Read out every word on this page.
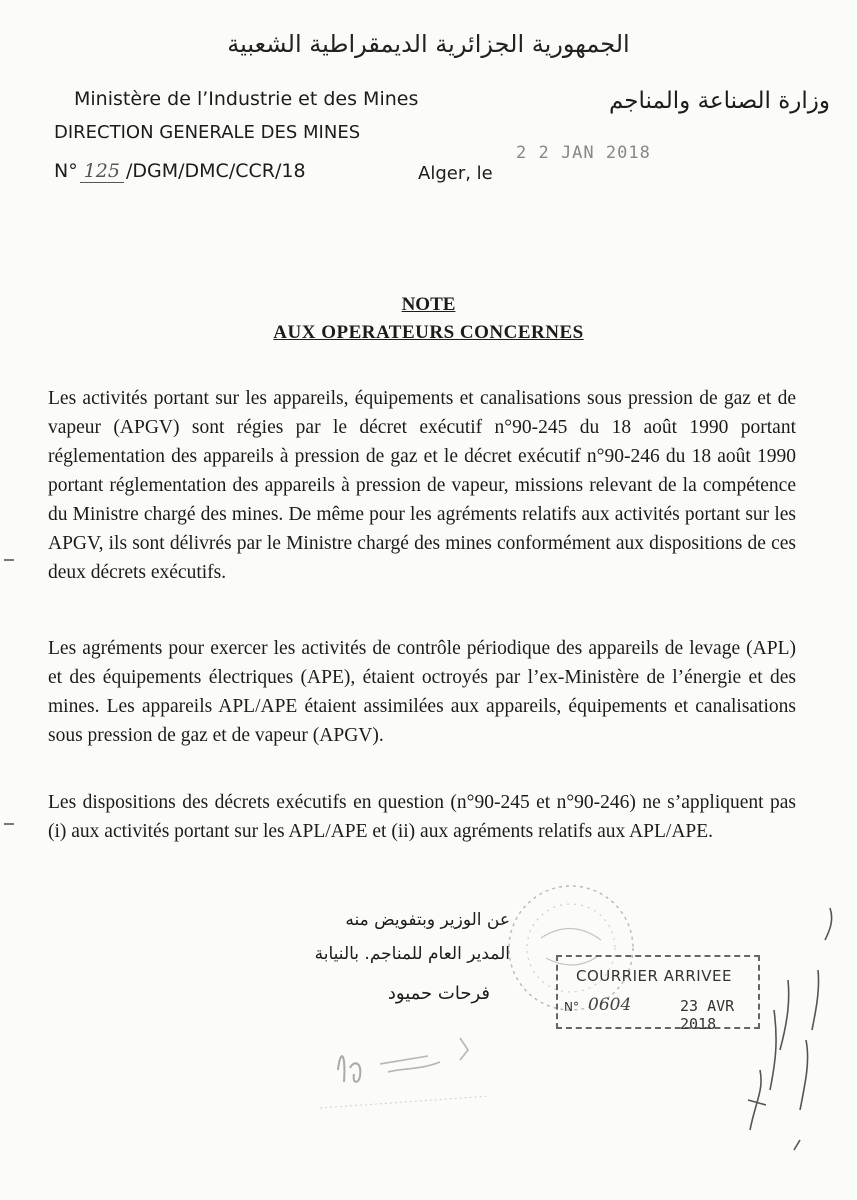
الجمهورية الجزائرية الديمقراطية الشعبية
Ministère de l’Industrie et des Mines
DIRECTION GENERALE DES MINES
وزارة الصناعة والمناجم
N° 125 /DGM/DMC/CCR/18	Alger, le
2 2 JAN 2018
NOTE
AUX OPERATEURS CONCERNES
Les activités portant sur les appareils, équipements et canalisations sous pression de gaz et de vapeur (APGV) sont régies par le décret exécutif n°90-245 du 18 août 1990 portant réglementation des appareils à pression de gaz et le décret exécutif n°90-246 du 18 août 1990 portant réglementation des appareils à pression de vapeur, missions relevant de la compétence du Ministre chargé des mines. De même pour les agréments relatifs aux activités portant sur les APGV, ils sont délivrés par le Ministre chargé des mines conformément aux dispositions de ces deux décrets exécutifs.
Les agréments pour exercer les activités de contrôle périodique des appareils de levage (APL) et des équipements électriques (APE), étaient octroyés par l’ex-Ministère de l’énergie et des mines. Les appareils APL/APE étaient assimilées aux appareils, équipements et canalisations sous pression de gaz et de vapeur (APGV).
Les dispositions des décrets exécutifs en question (n°90-245 et n°90-246) ne s’appliquent pas (i) aux activités portant sur les APL/APE et (ii) aux agréments relatifs aux APL/APE.
عن الوزير وبتفويض منه
المدير العام للمناجم. بالنيابة
فرحات حميود
COURRIER ARRIVEE
N° 0604	23 AVR 2018
